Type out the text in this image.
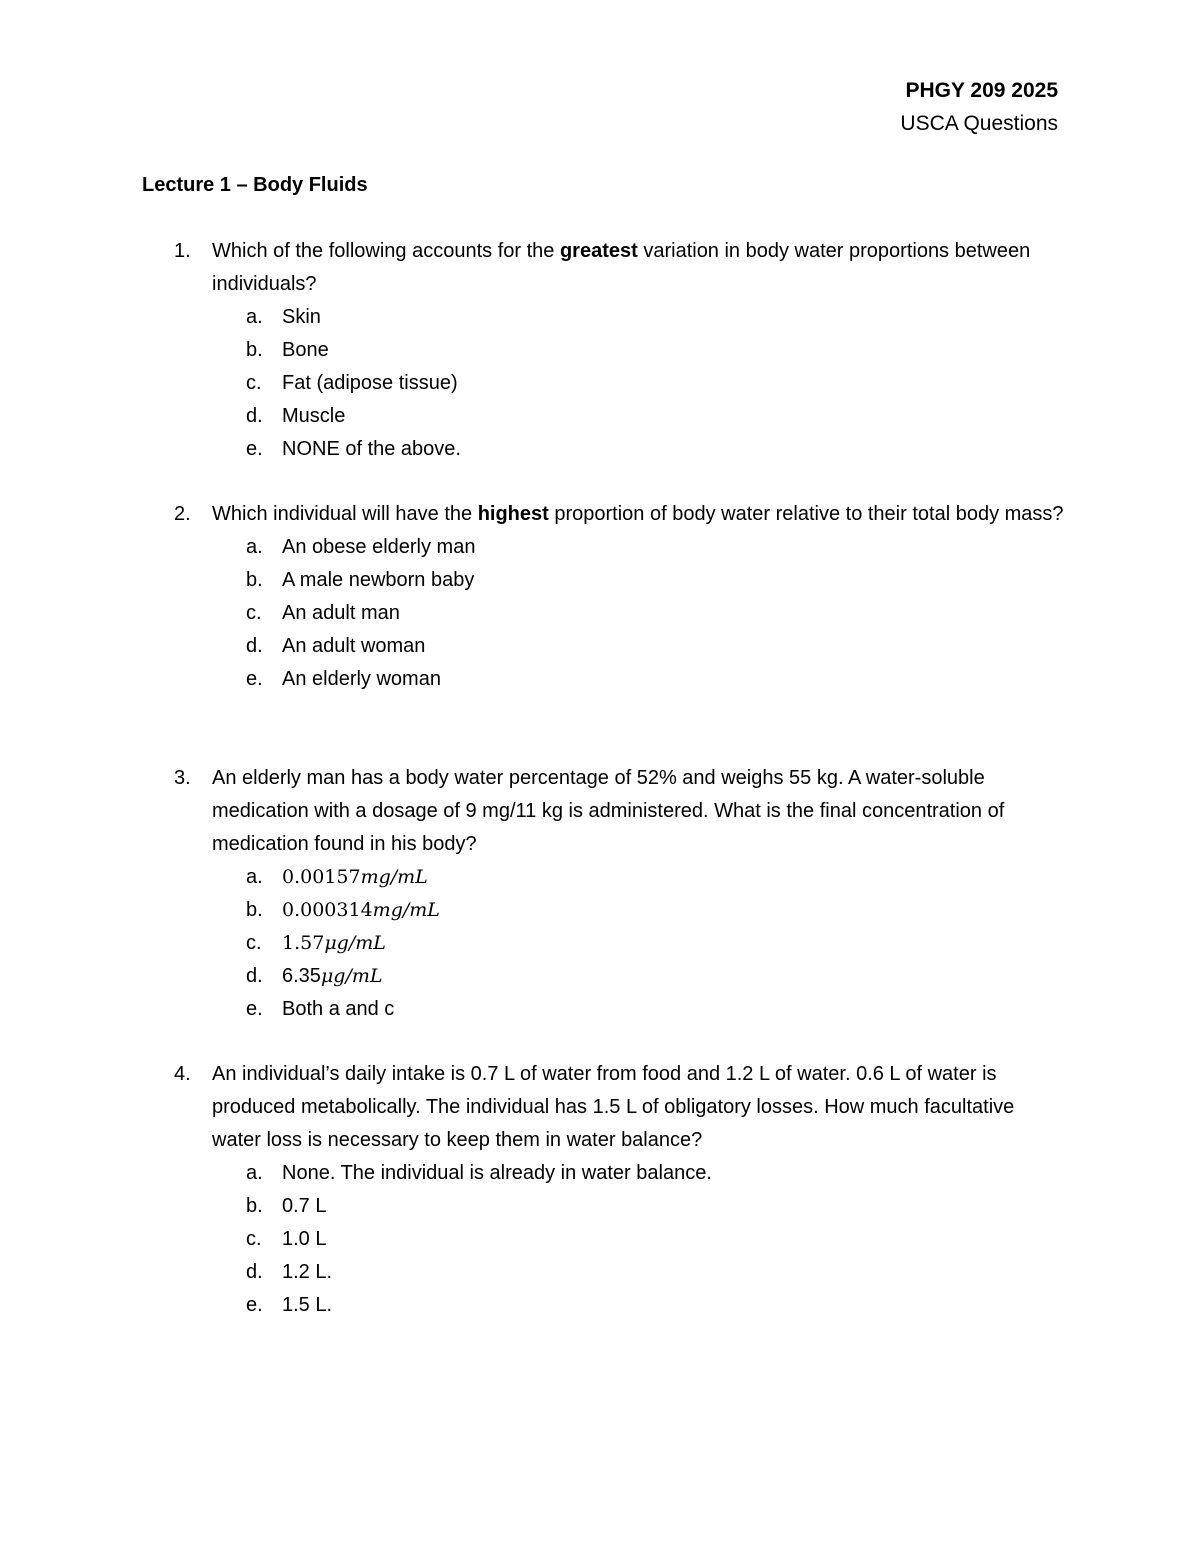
PHGY 209 2025
USCA Questions
Lecture 1 – Body Fluids
1.	Which of the following accounts for the greatest variation in body water proportions between individuals?
a. Skin
b. Bone
c.	Fat (adipose tissue)
d. Muscle
e. NONE of the above.
2.	Which individual will have the highest proportion of body water relative to their total body mass?
a. An obese elderly man
b. A male newborn baby
c.	An adult man
d. An adult woman
e. An elderly woman
3.	An elderly man has a body water percentage of 52% and weighs 55 kg. A water-soluble medication with a dosage of 9 mg/11 kg is administered. What is the final concentration of medication found in his body?
a.	0.00157 mg/mL
b.	0.000314 mg/mL
c.	1.57 μg/mL
d. 6.35 μg/mL
e. Both a and c
4.	An individual’s daily intake is 0.7 L of water from food and 1.2 L of water. 0.6 L of water is produced metabolically. The individual has 1.5 L of obligatory losses. How much facultative water loss is necessary to keep them in water balance?
a. None. The individual is already in water balance.
b. 0.7 L
c.	1.0 L
d. 1.2 L.
e. 1.5 L.
